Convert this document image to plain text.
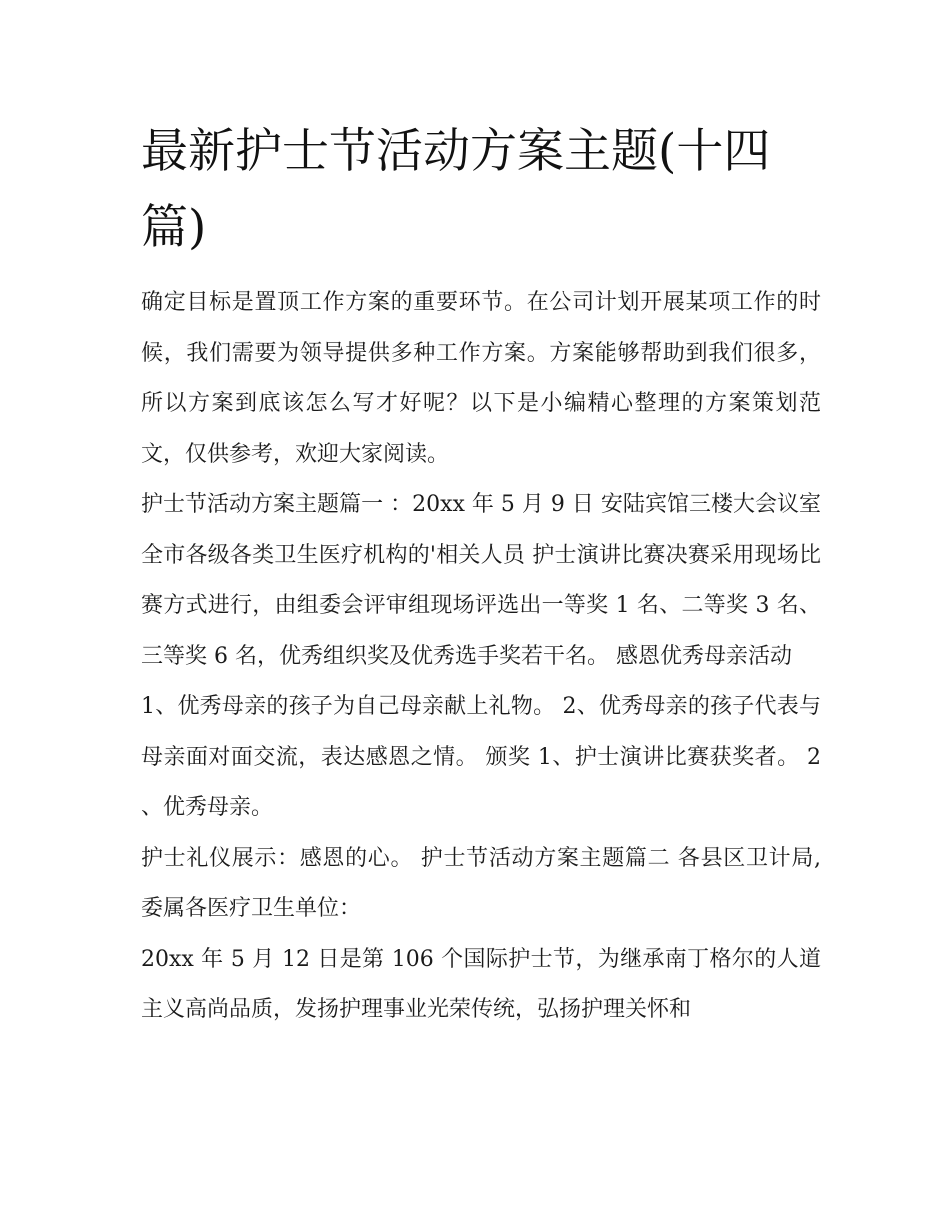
最新护士节活动方案主题(十四篇)

确定目标是置顶工作方案的重要环节。在公司计划开展某项工作的时候，我们需要为领导提供多种工作方案。方案能够帮助到我们很多，所以方案到底该怎么写才好呢？以下是小编精心整理的方案策划范文，仅供参考，欢迎大家阅读。

护士节活动方案主题篇一 ：20xx 年 5 月 9 日 安陆宾馆三楼大会议室 全市各级各类卫生医疗机构的'相关人员 护士演讲比赛决赛采用现场比赛方式进行，由组委会评审组现场评选出一等奖 1 名、二等奖 3 名、三等奖 6 名，优秀组织奖及优秀选手奖若干名。 感恩优秀母亲活动

1、优秀母亲的孩子为自己母亲献上礼物。 2、优秀母亲的孩子代表与母亲面对面交流，表达感恩之情。 颁奖 1、护士演讲比赛获奖者。 2 、优秀母亲。

护士礼仪展示：感恩的心。 护士节活动方案主题篇二 各县区卫计局,委属各医疗卫生单位：

20xx 年 5 月 12 日是第 106 个国际护士节，为继承南丁格尔的人道主义高尚品质，发扬护理事业光荣传统，弘扬护理关怀和
